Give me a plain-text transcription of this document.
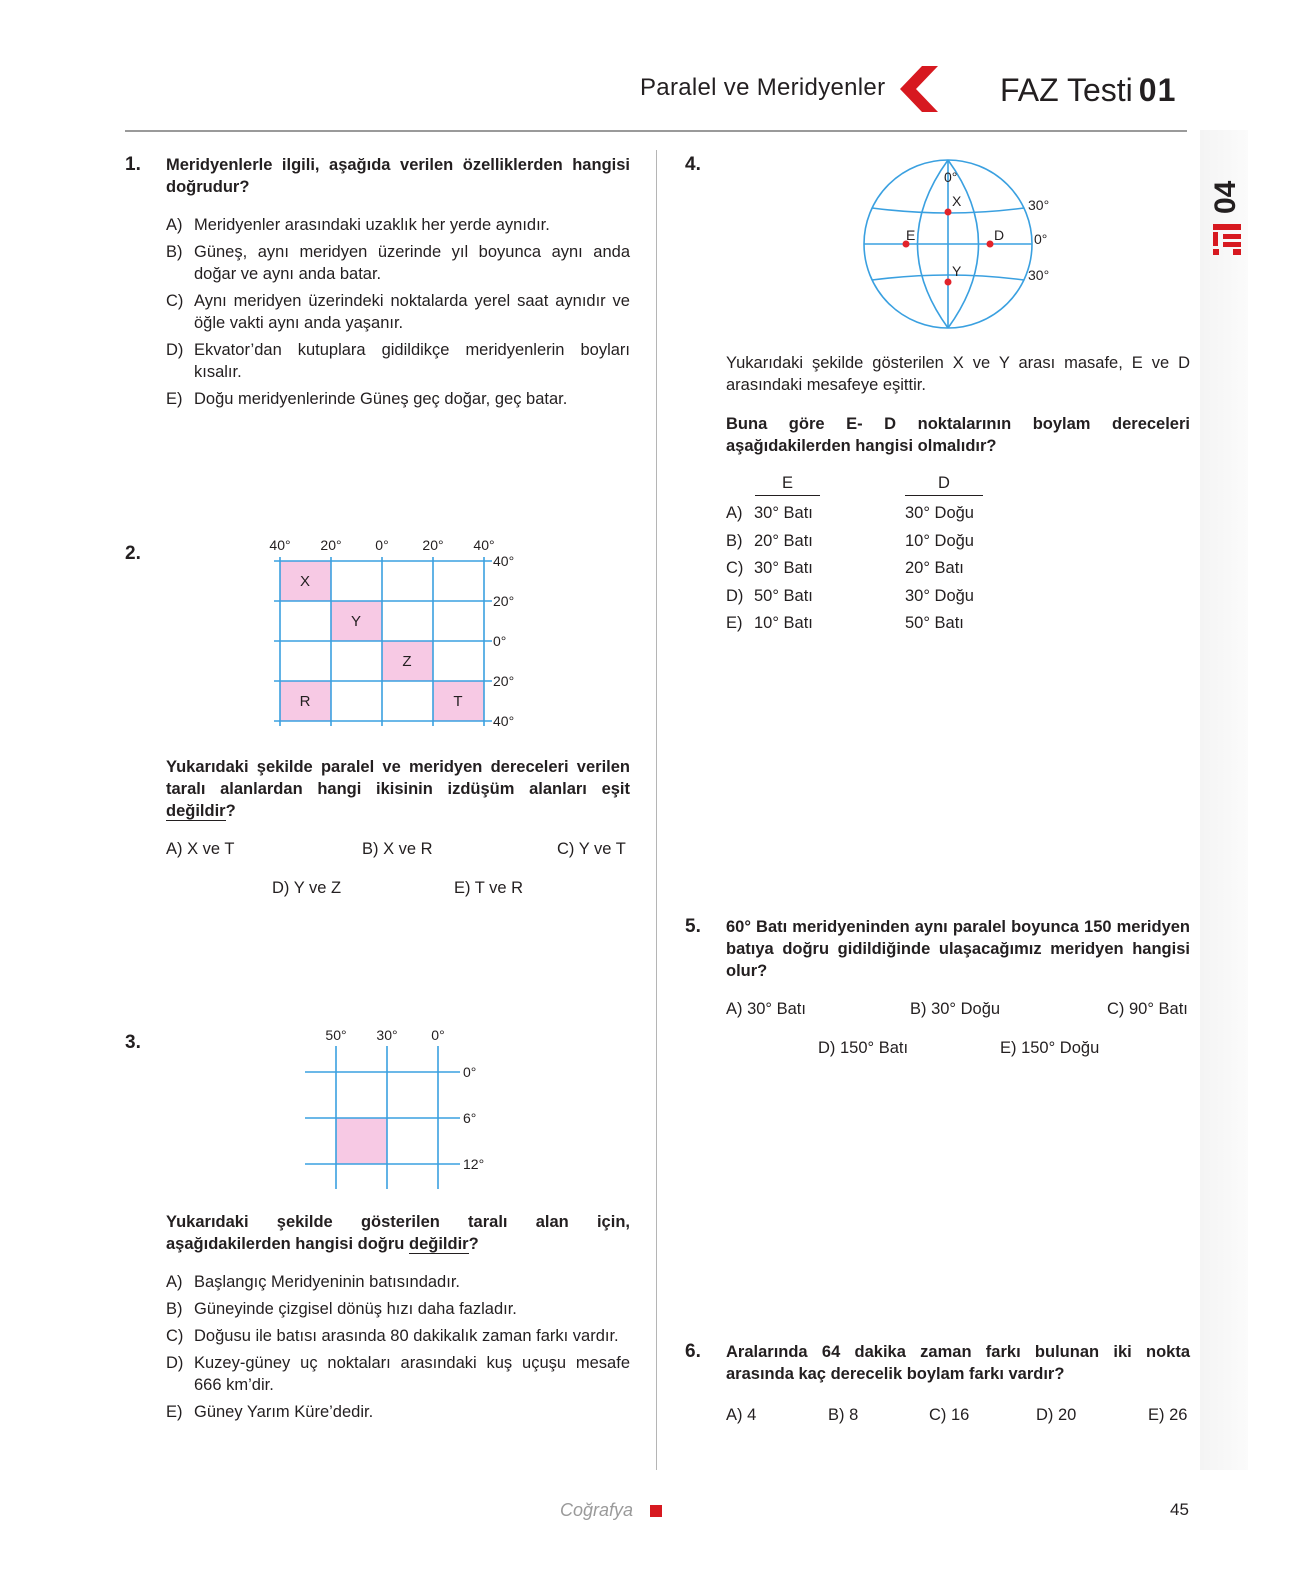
Paralel ve Meridyenler	FAZ Testi 01
04
1. Meridyenlerle ilgili, aşağıda verilen özelliklerden hangisi doğrudur?
A) Meridyenler arasındaki uzaklık her yerde aynıdır.
B) Güneş, aynı meridyen üzerinde yıl boyunca aynı anda doğar ve aynı anda batar.
C) Aynı meridyen üzerindeki noktalarda yerel saat aynıdır ve öğle vakti aynı anda yaşanır.
D) Ekvator’dan kutuplara gidildikçe meridyenlerin boyları kısalır.
E) Doğu meridyenlerinde Güneş geç doğar, geç batar.
2.	40° 20° 0° 20° 40°
40°
20°
0°
20°
40°
X
Y
Z
R	T
Yukarıdaki şekilde paralel ve meridyen dereceleri verilen taralı alanlardan hangi ikisinin izdüşüm alanları eşit değildir?
A) X ve T	B) X ve R	C) Y ve T
D) Y ve Z	E) T ve R
3.	50° 30° 0°
0°
6°
12°
Yukarıdaki şekilde gösterilen taralı alan için, aşağıdakilerden hangisi doğru değildir?
A) Başlangıç Meridyeninin batısındadır.
B) Güneyinde çizgisel dönüş hızı daha fazladır.
C) Doğusu ile batısı arasında 80 dakikalık zaman farkı vardır.
D) Kuzey-güney uç noktaları arasındaki kuş uçuşu mesafe 666 km’dir.
E) Güney Yarım Küre’dedir.
4.
0°
X
E	D
Y
30°
0°
30°
Yukarıdaki şekilde gösterilen X ve Y arası masafe, E ve D arasındaki mesafeye eşittir.
Buna göre E- D noktalarının boylam dereceleri aşağıdakilerden hangisi olmalıdır?
E	D
A) 30° Batı	30° Doğu
B) 20° Batı	10° Doğu
C) 30° Batı	20° Batı
D) 50° Batı	30° Doğu
E) 10° Batı	50° Batı
5. 60° Batı meridyeninden aynı paralel boyunca 150 meridyen batıya doğru gidildiğinde ulaşacağımız meridyen hangisi olur?
A) 30° Batı	B) 30° Doğu	C) 90° Batı
D) 150° Batı	E) 150° Doğu
6. Aralarında 64 dakika zaman farkı bulunan iki nokta arasında kaç derecelik boylam farkı vardır?
A) 4	B) 8	C) 16	D) 20	E) 26
Coğrafya	45
